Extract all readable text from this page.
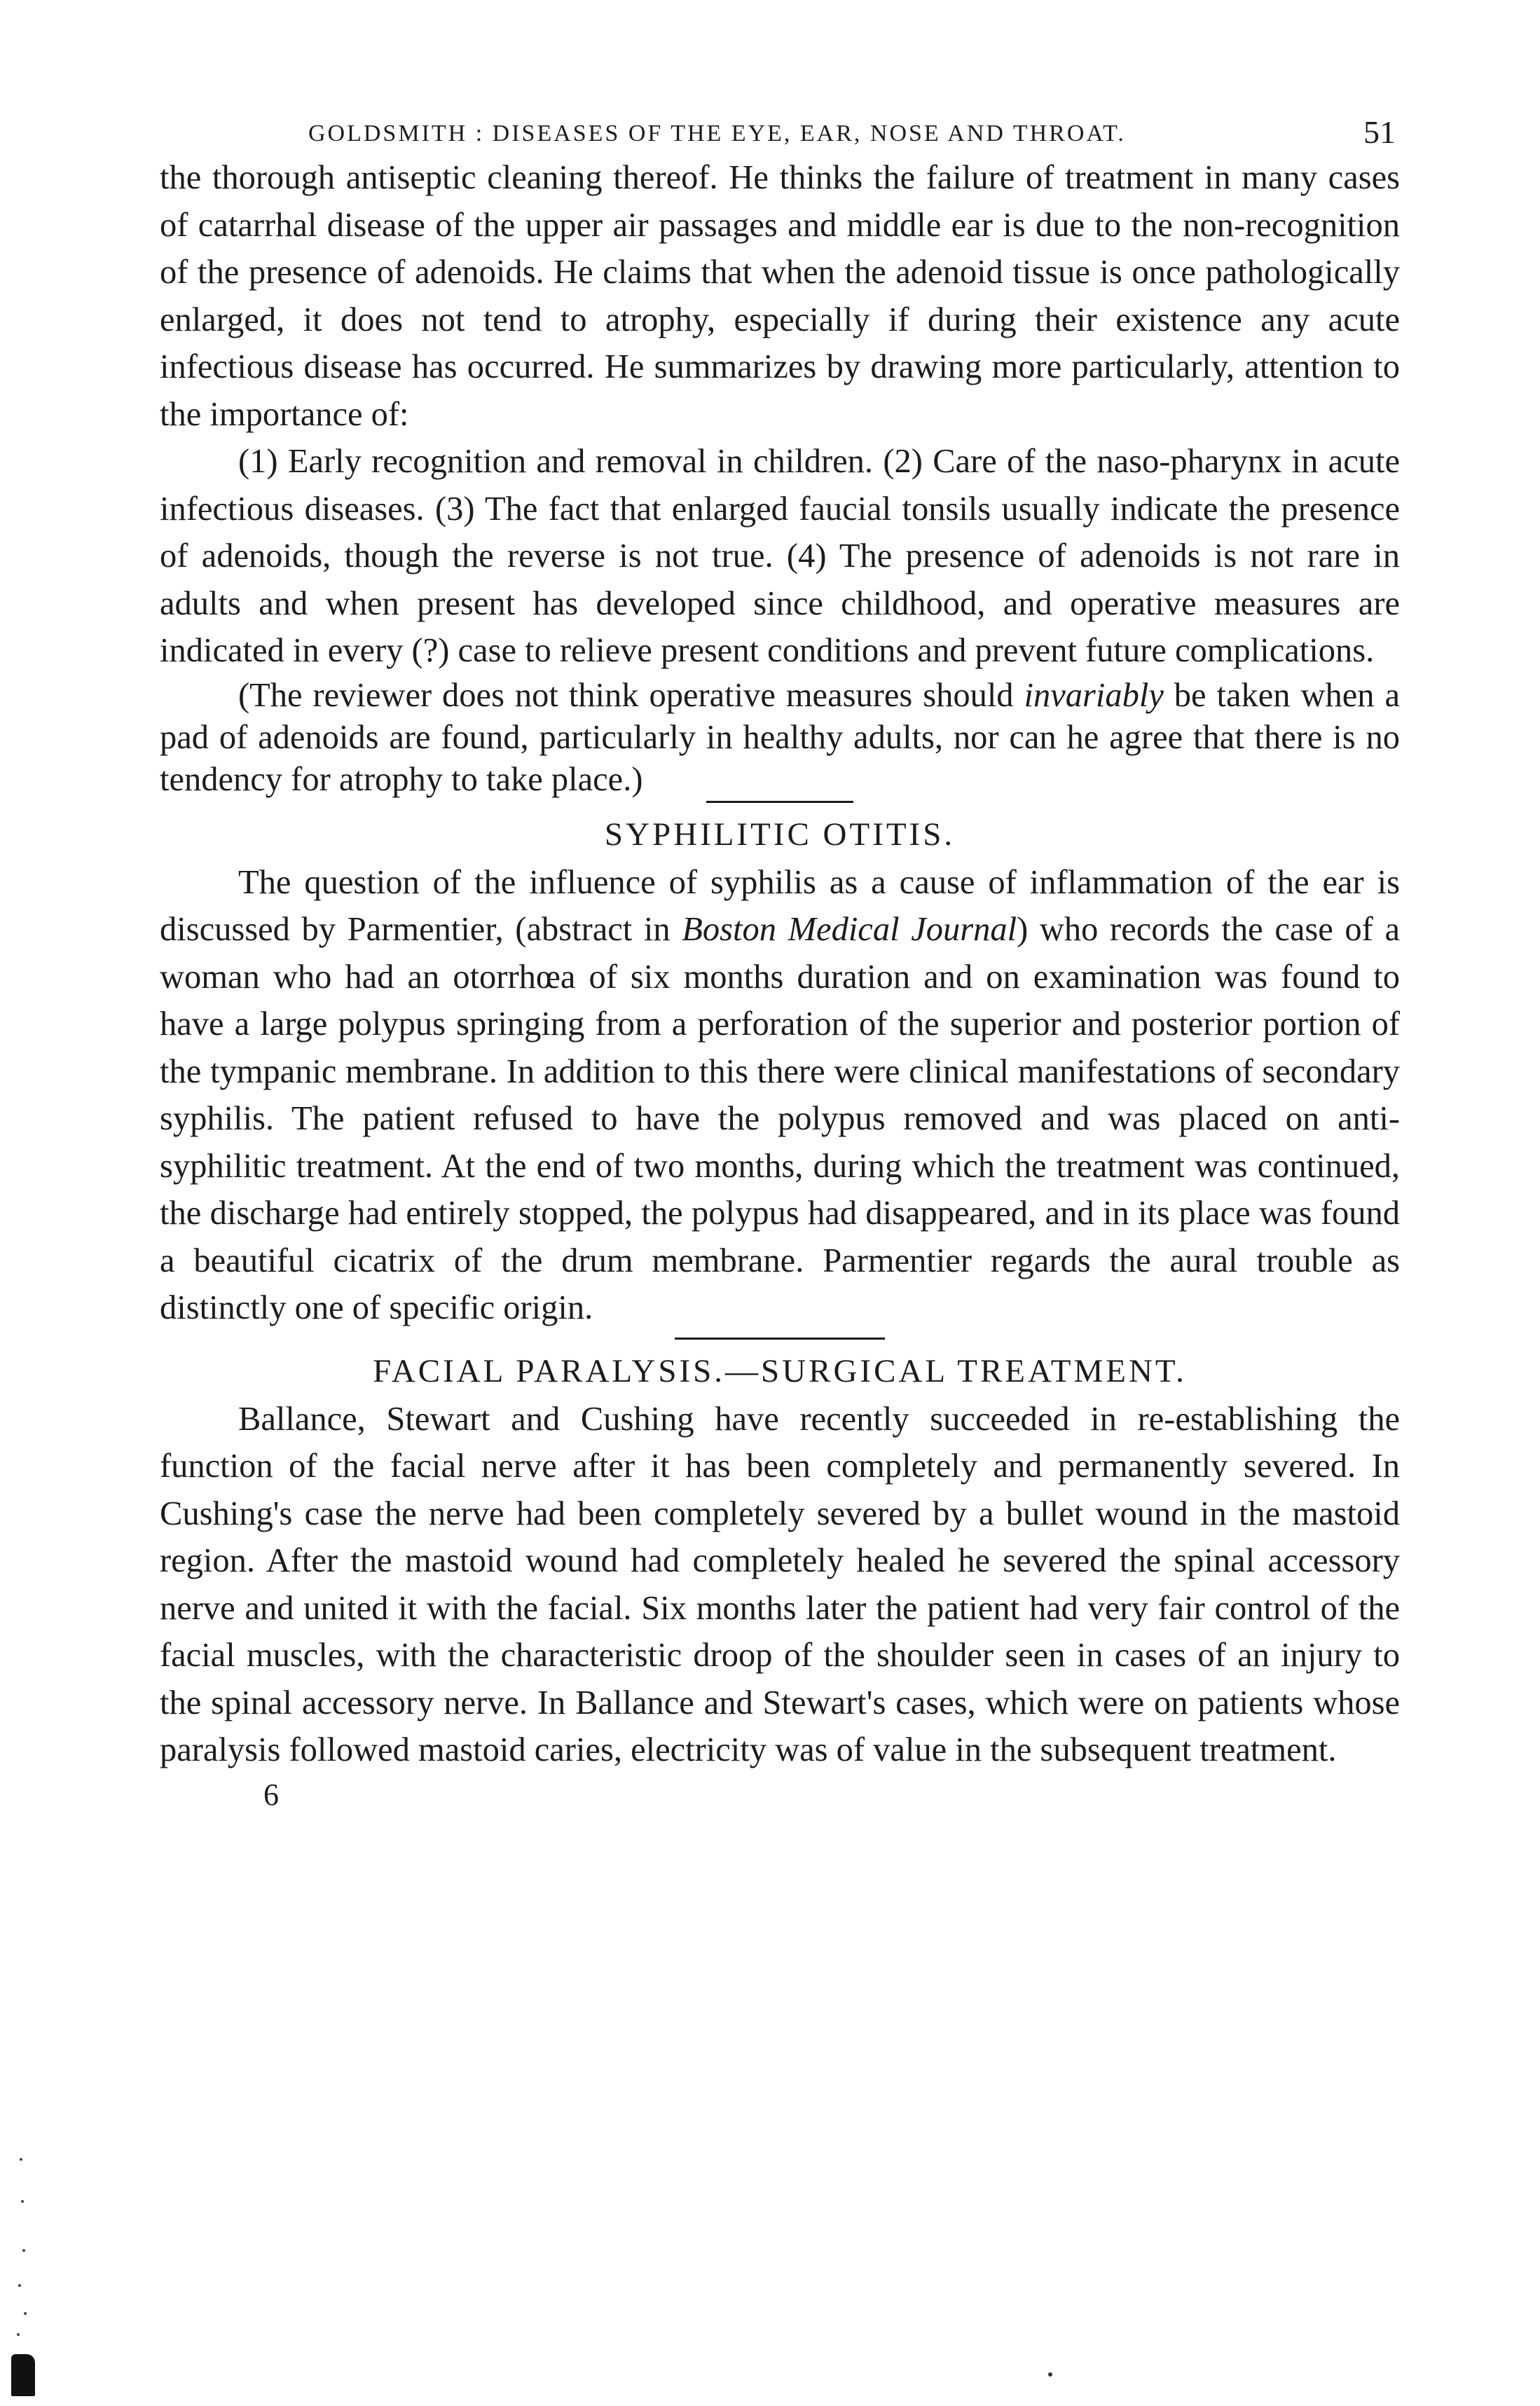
GOLDSMITH : DISEASES OF THE EYE, EAR, NOSE AND THROAT.	51

the thorough antiseptic cleaning thereof. He thinks the failure of treatment in many cases of catarrhal disease of the upper air passages and middle ear is due to the non-recognition of the presence of adenoids. He claims that when the adenoid tissue is once pathologically enlarged, it does not tend to atrophy, especially if during their existence any acute infectious disease has occurred. He summarizes by drawing more particularly, attention to the importance of:

(1) Early recognition and removal in children. (2) Care of the naso-pharynx in acute infectious diseases. (3) The fact that enlarged faucial tonsils usually indicate the presence of adenoids, though the reverse is not true. (4) The presence of adenoids is not rare in adults and when present has developed since childhood, and operative measures are indicated in every (?) case to relieve present conditions and prevent future complications.

(The reviewer does not think operative measures should invariably be taken when a pad of adenoids are found, particularly in healthy adults, nor can he agree that there is no tendency for atrophy to take place.)

SYPHILITIC OTITIS.

The question of the influence of syphilis as a cause of inflammation of the ear is discussed by Parmentier, (abstract in Boston Medical Journal) who records the case of a woman who had an otorrhœa of six months duration and on examination was found to have a large polypus springing from a perforation of the superior and posterior portion of the tympanic membrane. In addition to this there were clinical manifestations of secondary syphilis. The patient refused to have the polypus removed and was placed on anti-syphilitic treatment. At the end of two months, during which the treatment was continued, the discharge had entirely stopped, the polypus had disappeared, and in its place was found a beautiful cicatrix of the drum membrane. Parmentier regards the aural trouble as distinctly one of specific origin.

FACIAL PARALYSIS.—SURGICAL TREATMENT.

Ballance, Stewart and Cushing have recently succeeded in re-establishing the function of the facial nerve after it has been completely and permanently severed. In Cushing's case the nerve had been completely severed by a bullet wound in the mastoid region. After the mastoid wound had completely healed he severed the spinal accessory nerve and united it with the facial. Six months later the patient had very fair control of the facial muscles, with the characteristic droop of the shoulder seen in cases of an injury to the spinal accessory nerve. In Ballance and Stewart's cases, which were on patients whose paralysis followed mastoid caries, electricity was of value in the subsequent treatment.

6
